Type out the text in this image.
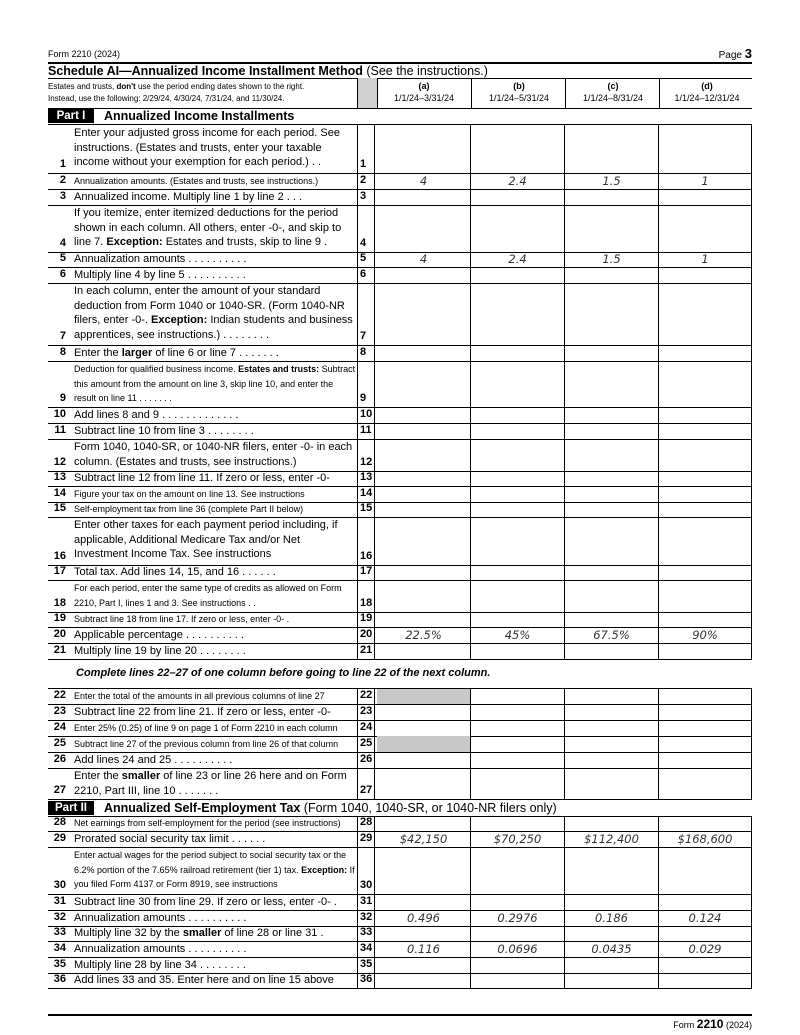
Form 2210 (2024)	Page 3
Schedule AI—Annualized Income Installment Method (See the instructions.)
Estates and trusts, don't use the period ending dates shown to the right.
Instead, use the following: 2/29/24, 4/30/24, 7/31/24, and 11/30/24.
(a)
1/1/24–3/31/24
(b)
1/1/24–5/31/24
(c)
1/1/24–8/31/24
(d)
1/1/24–12/31/24
Part I	Annualized Income Installments
1
Enter your adjusted gross income for each period. See instructions. (Estates and trusts, enter your taxable income without your exemption for each period.) . .	1
2 Annualization amounts. (Estates and trusts, see instructions.)	2	4	2.4	1.5	1
3 Annualized income. Multiply line 1 by line 2 . . .	3
4
If you itemize, enter itemized deductions for the period shown in each column. All others, enter -0-, and skip to line 7. Exception: Estates and trusts, skip to line 9 .	4
5 Annualization amounts . . . . . . . . . .	5	4	2.4	1.5	1
6 Multiply line 4 by line 5 . . . . . . . . . .	6
7
In each column, enter the amount of your standard deduction from Form 1040 or 1040-SR. (Form 1040-NR filers, enter -0-. Exception: Indian students and business apprentices, see instructions.) . . . . . . . .	7
8 Enter the larger of line 6 or line 7 . . . . . . .	8
9
Deduction for qualified business income. Estates and trusts: Subtract this amount from the amount on line 3, skip line 10, and enter the result on line 11 . . . . . . .	9
10 Add lines 8 and 9 . . . . . . . . . . . . .	10
11 Subtract line 10 from line 3 . . . . . . . .	11
12
Form 1040, 1040-SR, or 1040-NR filers, enter -0- in each column. (Estates and trusts, see instructions.)	12
13 Subtract line 12 from line 11. If zero or less, enter -0-	13
14 Figure your tax on the amount on line 13. See instructions	14
15 Self-employment tax from line 36 (complete Part II below)	15
16
Enter other taxes for each payment period including, if applicable, Additional Medicare Tax and/or Net Investment Income Tax. See instructions	16
17 Total tax. Add lines 14, 15, and 16 . . . . . .	17
18
For each period, enter the same type of credits as allowed on Form 2210, Part I, lines 1 and 3. See instructions . .	18
19 Subtract line 18 from line 17. If zero or less, enter -0- .	19
20 Applicable percentage . . . . . . . . . .	20	22.5%	45%	67.5%	90%
21 Multiply line 19 by line 20 . . . . . . . .	21
Complete lines 22–27 of one column before going to line 22 of the next column.
22 Enter the total of the amounts in all previous columns of line 27	22
23 Subtract line 22 from line 21. If zero or less, enter -0-	23
24 Enter 25% (0.25) of line 9 on page 1 of Form 2210 in each column	24
25 Subtract line 27 of the previous column from line 26 of that column	25
26 Add lines 24 and 25 . . . . . . . . . .	26
27
Enter the smaller of line 23 or line 26 here and on Form 2210, Part III, line 10 . . . . . . .	27
Part II	Annualized Self-Employment Tax (Form 1040, 1040-SR, or 1040-NR filers only)
28 Net earnings from self-employment for the period (see instructions)	28
29 Prorated social security tax limit . . . . . .	29	$42,150	$70,250	$112,400	$168,600
30
Enter actual wages for the period subject to social security tax or the 6.2% portion of the 7.65% railroad retirement (tier 1) tax. Exception: If you filed Form 4137 or Form 8919, see instructions	30
31 Subtract line 30 from line 29. If zero or less, enter -0- .	31
32 Annualization amounts . . . . . . . . . .	32	0.496	0.2976	0.186	0.124
33 Multiply line 32 by the smaller of line 28 or line 31 .	33
34 Annualization amounts . . . . . . . . . .	34	0.116	0.0696	0.0435	0.029
35 Multiply line 28 by line 34 . . . . . . . .	35
36 Add lines 33 and 35. Enter here and on line 15 above	36
Form 2210 (2024)
